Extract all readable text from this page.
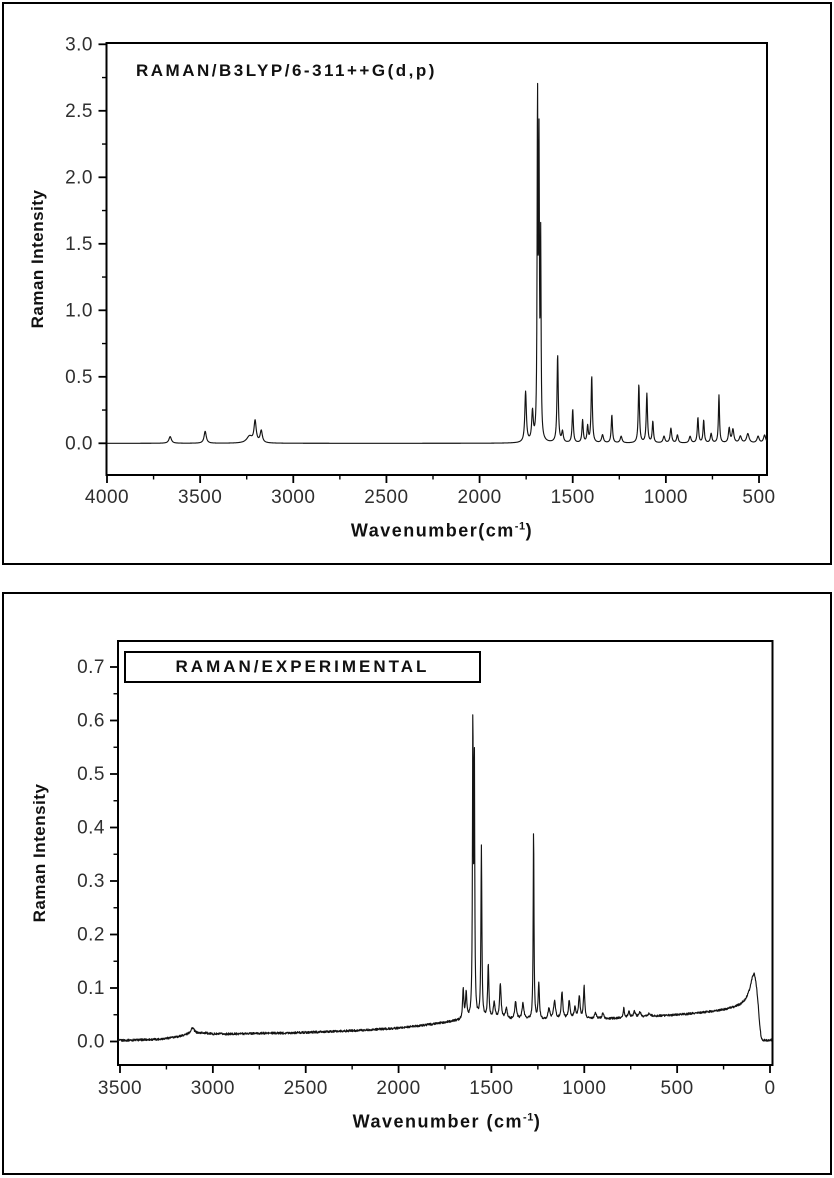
4000	3500	3000	2500	2000	1500	1000	500
0.0
0.5
1.0
1.5
2.0
2.5
3.0
3500	3000	2500	2000	1500	1000	500	0
0.0
0.1
0.2
0.3
0.4
0.5
0.6
0.7
RAMAN/B3LYP/6-311++G(d,p)
RAMAN/EXPERIMENTAL
Raman Intensity
Raman Intensity
$Wavenumber(cm^{-1})$
Wavenumber $(cm^{-1})$
